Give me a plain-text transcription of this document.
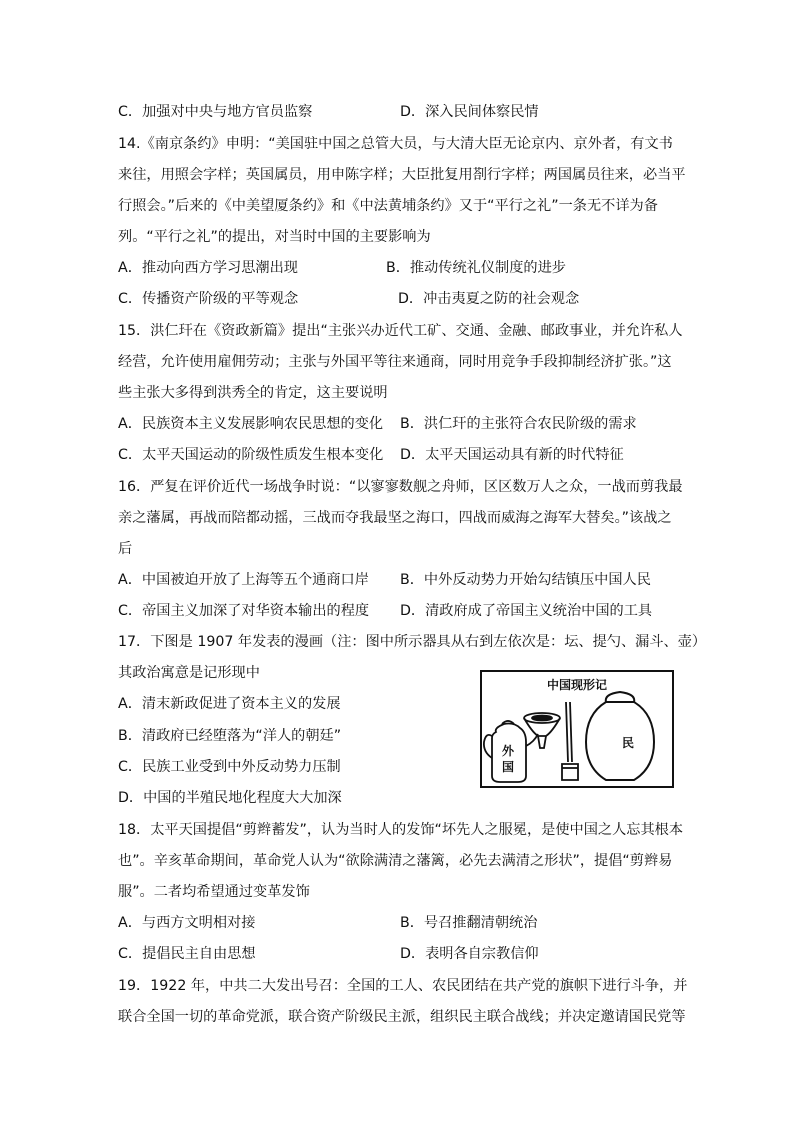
C．加强对中央与地方官员监察	D．深入民间体察民情
14.《南京条约》申明：“美国驻中国之总管大员，与大清大臣无论京内、京外者，有文书
来往，用照会字样；英国属员，用申陈字样；大臣批复用剳行字样；两国属员往来，必当平
行照会。”后来的《中美望厦条约》和《中法黄埔条约》又于“平行之礼”一条无不详为备
列。“平行之礼”的提出，对当时中国的主要影响为
A．推动向西方学习思潮出现	B．推动传统礼仪制度的进步
C．传播资产阶级的平等观念	D．冲击夷夏之防的社会观念
15．洪仁玕在《资政新篇》提出“主张兴办近代工矿、交通、金融、邮政事业，并允许私人
经营，允许使用雇佣劳动；主张与外国平等往来通商，同时用竞争手段抑制经济扩张。”这
些主张大多得到洪秀全的肯定，这主要说明
A．民族资本主义发展影响农民思想的变化 B．洪仁玕的主张符合农民阶级的需求
C．太平天国运动的阶级性质发生根本变化 D．太平天国运动具有新的时代特征
16．严复在评价近代一场战争时说：“以寥寥数舰之舟师，区区数万人之众，一战而剪我最
亲之藩属，再战而陪都动摇，三战而夺我最坚之海口，四战而威海之海军大替矣。”该战之
后
A．中国被迫开放了上海等五个通商口岸 B．中外反动势力开始勾结镇压中国人民
C．帝国主义加深了对华资本输出的程度 D．清政府成了帝国主义统治中国的工具
17．下图是 1907 年发表的漫画（注：图中所示器具从右到左依次是：坛、提勺、漏斗、壶）
其政治寓意是记形现中
A．清末新政促进了资本主义的发展
B．清政府已经堕落为“洋人的朝廷”
C．民族工业受到中外反动势力压制
D．中国的半殖民地化程度大大加深
中国现形记
民
外
国
18．太平天国提倡“剪辫蓄发”，认为当时人的发饰“坏先人之服冕，是使中国之人忘其根本
也”。辛亥革命期间，革命党人认为“欲除满清之藩篱，必先去满清之形状”，提倡“剪辫易
服”。二者均希望通过变革发饰
A．与西方文明相对接	B．号召推翻清朝统治
C．提倡民主自由思想	D．表明各自宗教信仰
19．1922 年，中共二大发出号召：全国的工人、农民团结在共产党的旗帜下进行斗争，并
联合全国一切的革命党派，联合资产阶级民主派，组织民主联合战线；并决定邀请国民党等
